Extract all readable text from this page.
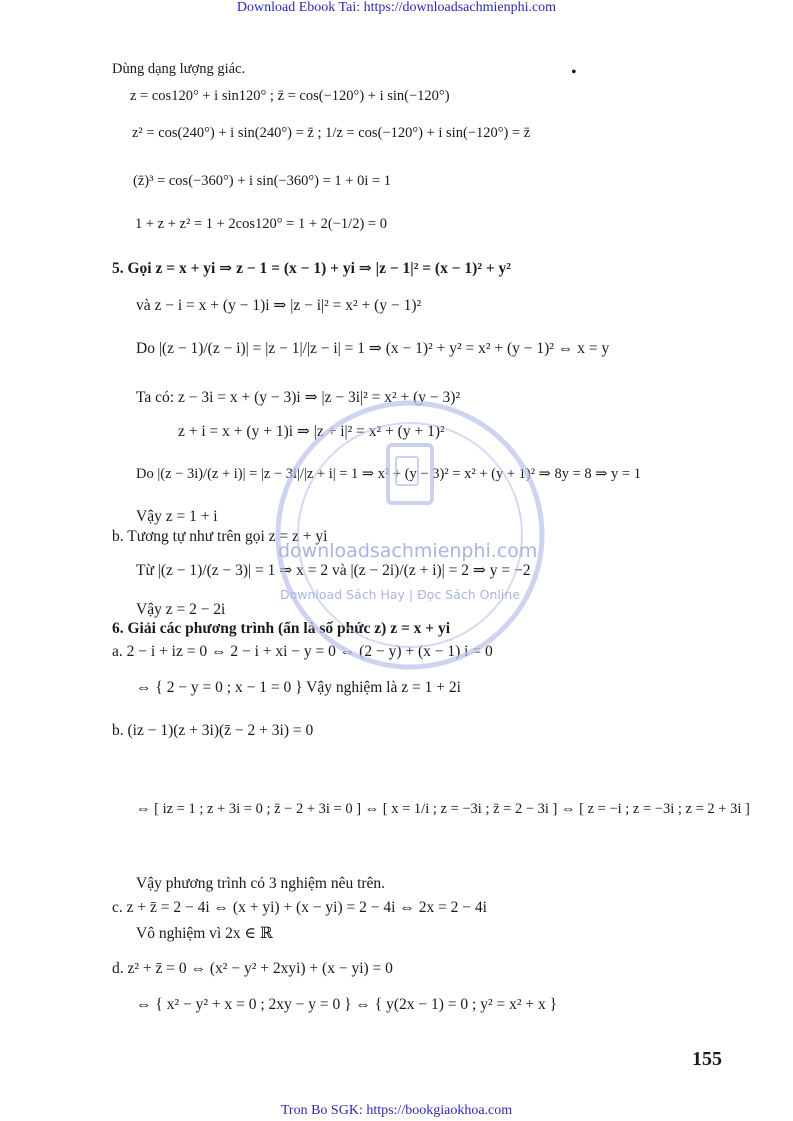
Download Ebook Tai: https://downloadsachmienphi.com
•
Dùng dạng lượng giác.
z = cos120° + i sin120° ; z̄ = cos(−120°) + i sin(−120°)
z² = cos(240°) + i sin(240°) = z̄ ; 1/z = cos(−120°) + i sin(−120°) = z̄
(z̄)³ = cos(−360°) + i sin(−360°) = 1 + 0i = 1
1 + z + z² = 1 + 2cos120° = 1 + 2(−1/2) = 0
5. Gọi z = x + yi ⇒ z − 1 = (x − 1) + yi ⇒ |z − 1|² = (x − 1)² + y²
và z − i = x + (y − 1)i ⇒ |z − i|² = x² + (y − 1)²
Do |(z − 1)/(z − i)| = |z − 1|/|z − i| = 1 ⇒ (x − 1)² + y² = x² + (y − 1)² ⇔ x = y
Ta có: z − 3i = x + (y − 3)i ⇒ |z − 3i|² = x² + (y − 3)²
z + i = x + (y + 1)i ⇒ |z + i|² = x² + (y + 1)²
Do |(z − 3i)/(z + i)| = |z − 3i|/|z + i| = 1 ⇒ x² + (y − 3)² = x² + (y + 1)² ⇒ 8y = 8 ⇒ y = 1
Vậy z = 1 + i
b. Tương tự như trên gọi z = z + yi
Từ |(z − 1)/(z − 3)| = 1 ⇒ x = 2 và |(z − 2i)/(z + i)| = 2 ⇒ y = −2
Vậy z = 2 − 2i
6. Giải các phương trình (ẩn là số phức z) z = x + yi
a. 2 − i + iz = 0 ⇔ 2 − i + xi − y = 0 ⇔ (2 − y) + (x − 1) i = 0
⇔ { 2 − y = 0 ; x − 1 = 0 } Vậy nghiệm là z = 1 + 2i
b. (iz − 1)(z + 3i)(z̄ − 2 + 3i) = 0
⇔ [ iz = 1 ; z + 3i = 0 ; z̄ − 2 + 3i = 0 ] ⇔ [ x = 1/i ; z = −3i ; z̄ = 2 − 3i ] ⇔ [ z = −i ; z = −3i ; z = 2 + 3i ]
Vậy phương trình có 3 nghiệm nêu trên.
c. z + z̄ = 2 − 4i ⇔ (x + yi) + (x − yi) = 2 − 4i ⇔ 2x = 2 − 4i
Vô nghiệm vì 2x ∈ ℝ
d. z² + z̄ = 0 ⇔ (x² − y² + 2xyi) + (x − yi) = 0
⇔ { x² − y² + x = 0 ; 2xy − y = 0 } ⇔ { y(2x − 1) = 0 ; y² = x² + x }
downloadsachmienphi.com
Download Sách Hay | Đọc Sách Online
155
Tron Bo SGK: https://bookgiaokhoa.com
